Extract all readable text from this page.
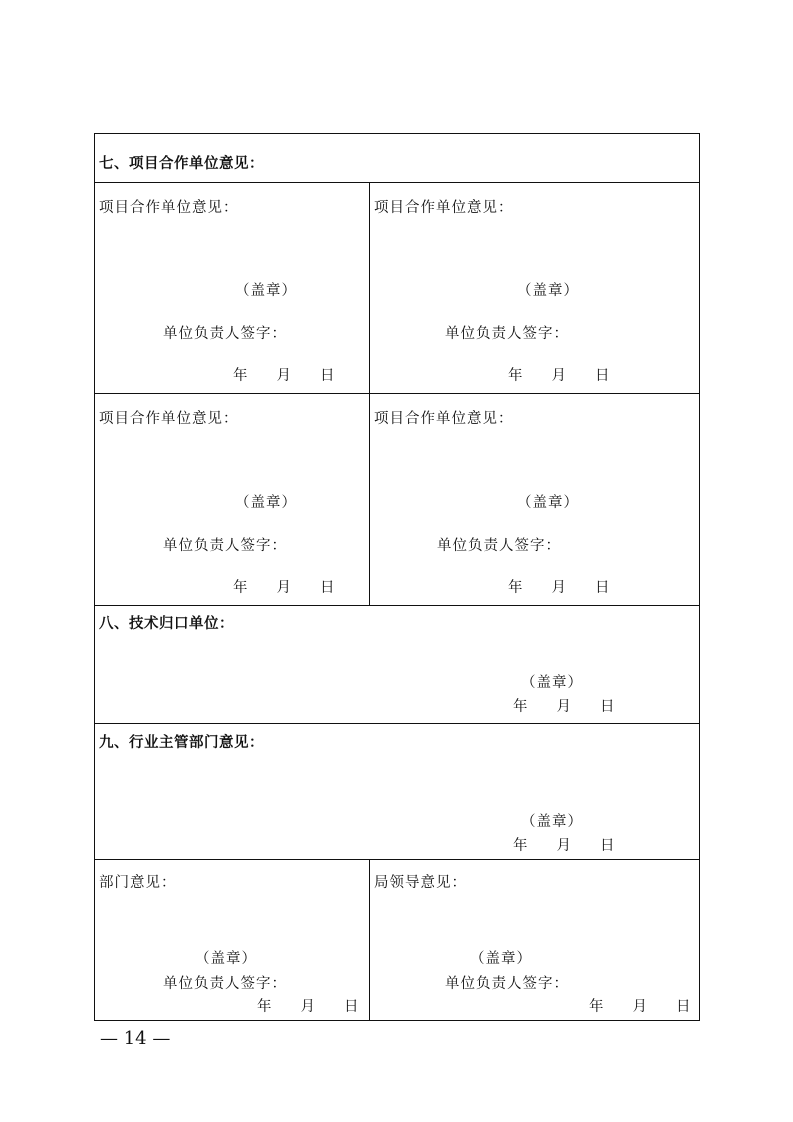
七、项目合作单位意见：
项目合作单位意见：
（盖章）
单位负责人签字：
年 月 日
项目合作单位意见：
（盖章）
单位负责人签字：
年 月 日
项目合作单位意见：
（盖章）
单位负责人签字：
年 月 日
项目合作单位意见：
（盖章）
单位负责人签字：
年 月 日
八、技术归口单位：
（盖章）
年 月 日
九、行业主管部门意见：
（盖章）
年 月 日
部门意见：
（盖章）
单位负责人签字：
年 月 日
局领导意见：
（盖章）
单位负责人签字：
年 月 日
— 14 —
